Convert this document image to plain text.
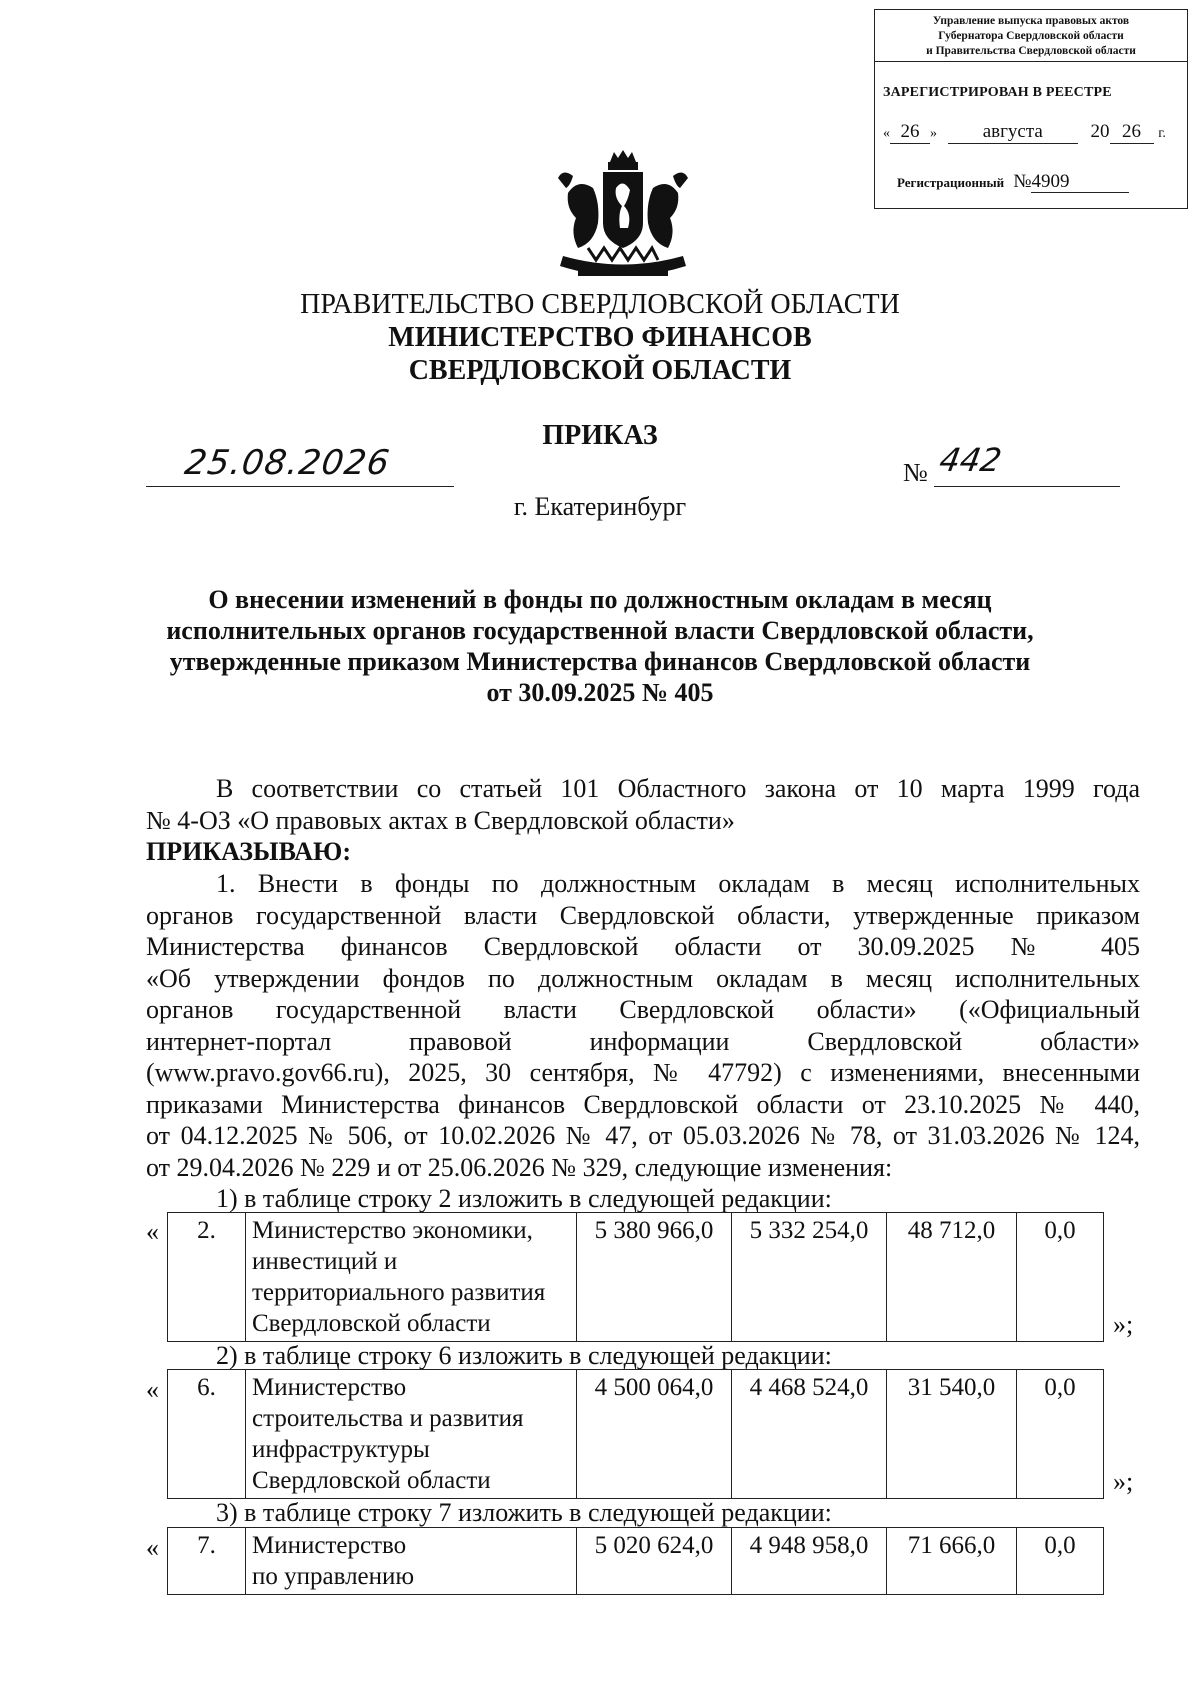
Управление выпуска правовых актов
Губернатора Свердловской области
и Правительства Свердловской области
ЗАРЕГИСТРИРОВАН В РЕЕСТРЕ
« 26 » августа	20 26 г.
Регистрационный №4909
ПРАВИТЕЛЬСТВО СВЕРДЛОВСКОЙ ОБЛАСТИ
МИНИСТЕРСТВО ФИНАНСОВ
СВЕРДЛОВСКОЙ ОБЛАСТИ
ПРИКАЗ
25.08.2026	№ 442
г. Екатеринбург
О внесении изменений в фонды по должностным окладам в месяц
исполнительных органов государственной власти Свердловской области,
утвержденные приказом Министерства финансов Свердловской области
от 30.09.2025 № 405
В соответствии со статьей 101 Областного закона от 10 марта 1999 года
№ 4-ОЗ «О правовых актах в Свердловской области»
ПРИКАЗЫВАЮ:
1. Внести в фонды по должностным окладам в месяц исполнительных
органов государственной власти Свердловской области, утвержденные приказом
Министерства финансов Свердловской области от 30.09.2025 № 405
«Об утверждении фондов по должностным окладам в месяц исполнительных
органов государственной власти Свердловской области» («Официальный
интернет-портал правовой информации Свердловской области»
(www.pravo.gov66.ru), 2025, 30 сентября, № 47792) с изменениями, внесенными
приказами Министерства финансов Свердловской области от 23.10.2025 № 440,
от 04.12.2025 № 506, от 10.02.2026 № 47, от 05.03.2026 № 78, от 31.03.2026 № 124,
от 29.04.2026 № 229 и от 25.06.2026 № 329, следующие изменения:
1) в таблице строку 2 изложить в следующей редакции:
« 2.	Министерство экономики,
инвестиций и
территориального развития
Свердловской области
	5 380 966,0	5 332 254,0	48 712,0	0,0
»;
2) в таблице строку 6 изложить в следующей редакции:
« 6.	Министерство
строительства и развития
инфраструктуры
Свердловской области
	4 500 064,0	4 468 524,0	31 540,0	0,0
»;
3) в таблице строку 7 изложить в следующей редакции:
« 7.	Министерство
по управлению
	5 020 624,0	4 948 958,0	71 666,0	0,0
